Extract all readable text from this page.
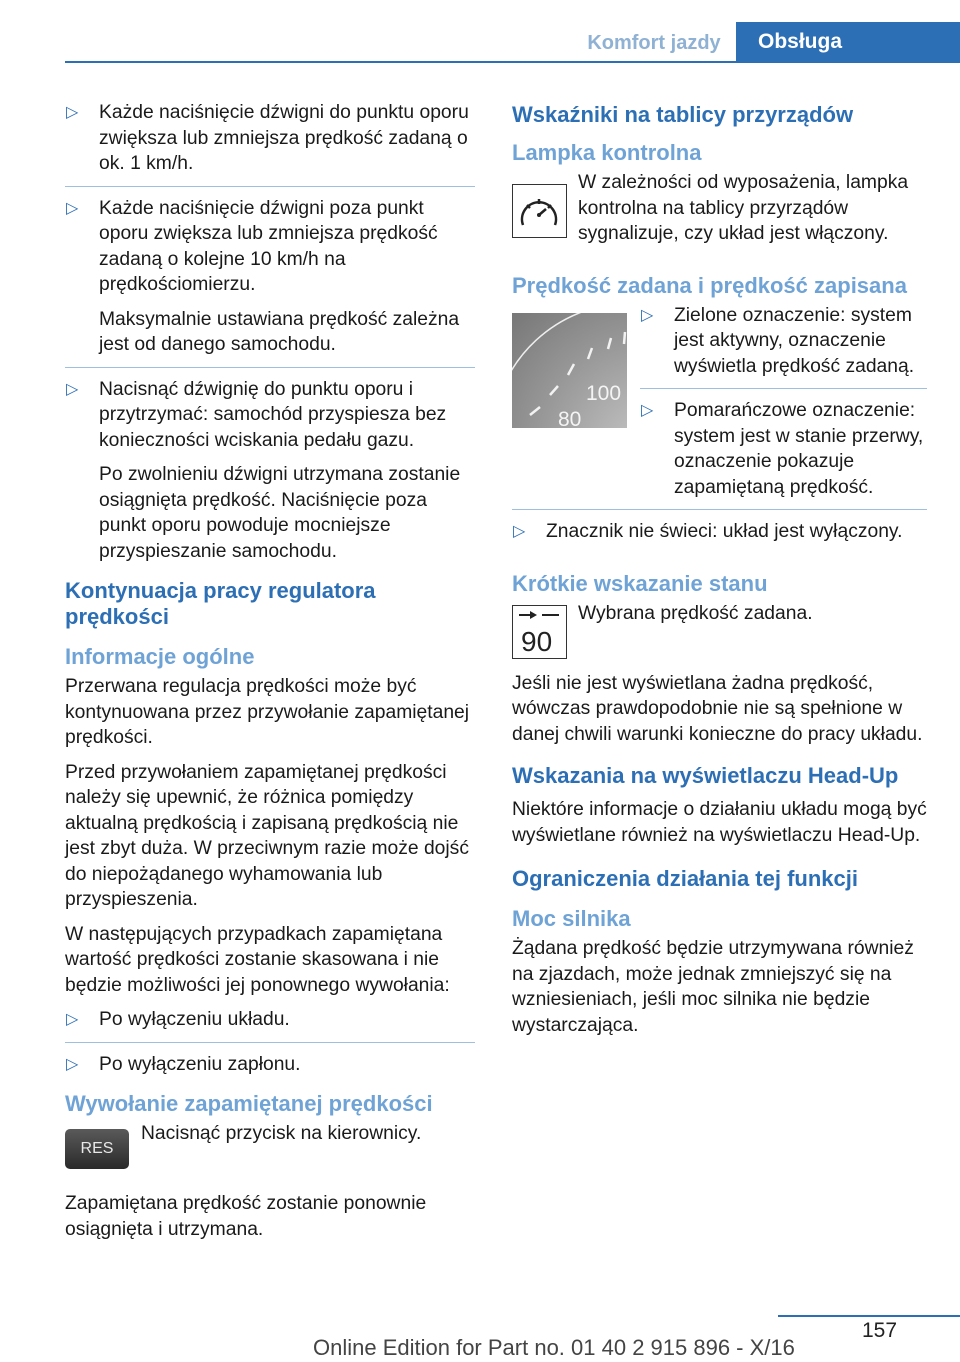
Komfort jazdy	Obsługa
▷ Każde naciśnięcie dźwigni do punktu oporu zwiększa lub zmniejsza prędkość zadaną o ok. 1 km/h.

▷ Każde naciśnięcie dźwigni poza punkt oporu zwiększa lub zmniejsza prędkość zadaną o kolejne 10 km/h na prędkościomierzu.

Maksymalnie ustawiana prędkość zależna jest od danego samochodu.

▷ Nacisnąć dźwignię do punktu oporu i przytrzymać: samochód przyspiesza bez konieczności wciskania pedału gazu.

Po zwolnieniu dźwigni utrzymana zostanie osiągnięta prędkość. Naciśnięcie poza punkt oporu powoduje mocniejsze przyspieszanie samochodu.

Kontynuacja pracy regulatora prędkości
Informacje ogólne

Przerwana regulacja prędkości może być kontynuowana przez przywołanie zapamiętanej prędkości.

Przed przywołaniem zapamiętanej prędkości należy się upewnić, że różnica pomiędzy aktualną prędkością i zapisaną prędkością nie jest zbyt duża. W przeciwnym razie może dojść do niepożądanego wyhamowania lub przyspieszenia.

W następujących przypadkach zapamiętana wartość prędkości zostanie skasowana i nie będzie możliwości jej ponownego wywołania:

▷ Po wyłączeniu układu.

▷ Po wyłączeniu zapłonu.

Wywołanie zapamiętanej prędkości
RES

Nacisnąć przycisk na kierownicy.

Zapamiętana prędkość zostanie ponownie osiągnięta i utrzymana.

Wskaźniki na tablicy przyrządów
Lampka kontrolna

W zależności od wyposażenia, lampka kontrolna na tablicy przyrządów sygnalizuje, czy układ jest włączony.

Prędkość zadana i prędkość zapisana
100
80
▷ Zielone oznaczenie: system jest aktywny, oznaczenie wyświetla prędkość zadaną.

▷ Pomarańczowe oznaczenie: system jest w stanie przerwy, oznaczenie pokazuje zapamiętaną prędkość.

▷ Znacznik nie świeci: układ jest wyłączony.

Krótkie wskazanie stanu
90

Wybrana prędkość zadana.

Jeśli nie jest wyświetlana żadna prędkość, wówczas prawdopodobnie nie są spełnione w danej chwili warunki konieczne do pracy układu.

Wskazania na wyświetlaczu Head-Up

Niektóre informacje o działaniu układu mogą być wyświetlane również na wyświetlaczu Head-Up.

Ograniczenia działania tej funkcji
Moc silnika

Żądana prędkość będzie utrzymywana również na zjazdach, może jednak zmniejszyć się na wzniesieniach, jeśli moc silnika nie będzie wystarczająca.

157
Online Edition for Part no. 01 40 2 915 896 - X/16
